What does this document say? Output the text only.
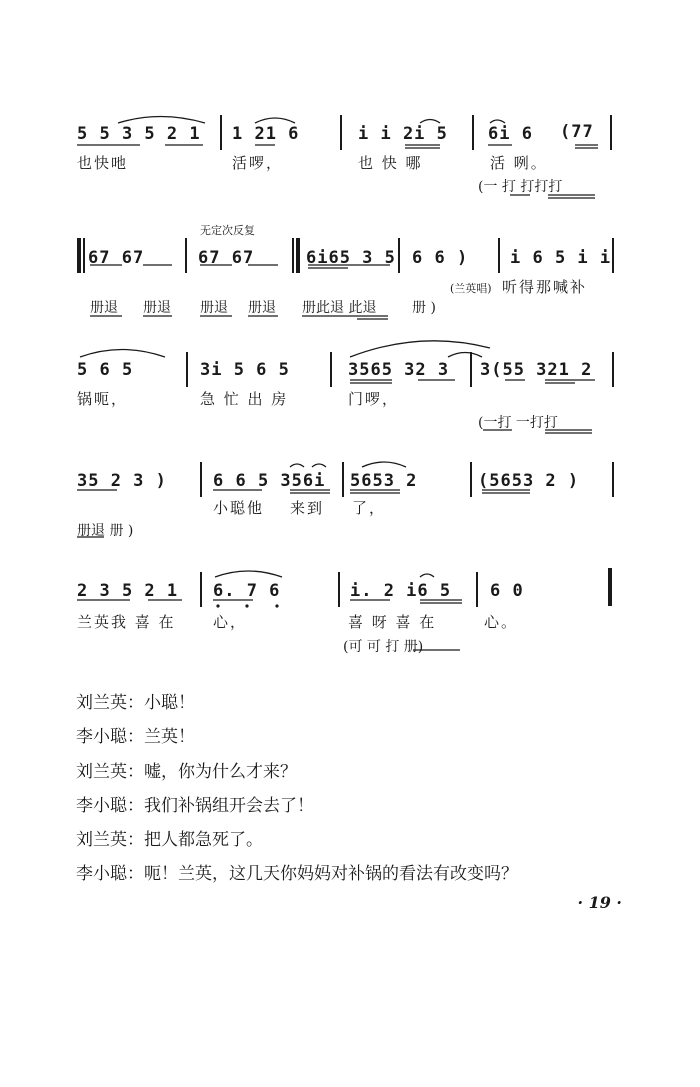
5 5 3 5 2 1 1 21 6	i i 2i 5 6i 6 (77
也快吔	活啰，	也 快 哪	活 咧。
(一 打 打打打
无定次反复
67 67	67 67	6i65 3 5 6 6 ) i 6 5 i i
(兰英唱) 听得那喊补
册退 册退 册退 册退 册此退 此退	册 )
5 6 5	3i 5 6 5	3565 32 3 3(55 321 2
锅呃，	急 忙 出 房	门啰，
(一打 一打打
35 2 3 )	6 6 5 356i 5653 2	(5653 2 )
小聪他 来到 了，
册退 册 )
2 3 5 2 1 6. 7 6	i. 2 i6 5 6 0
兰英我 喜 在 心，	喜 呀 喜 在	心。
(可 可 打 册)
刘兰英：小聪！
李小聪：兰英！
刘兰英：嘘，你为什么才来？
李小聪：我们补锅组开会去了！
刘兰英：把人都急死了。
李小聪：呃！兰英，这几天你妈妈对补锅的看法有改变吗？
· 19 ·
